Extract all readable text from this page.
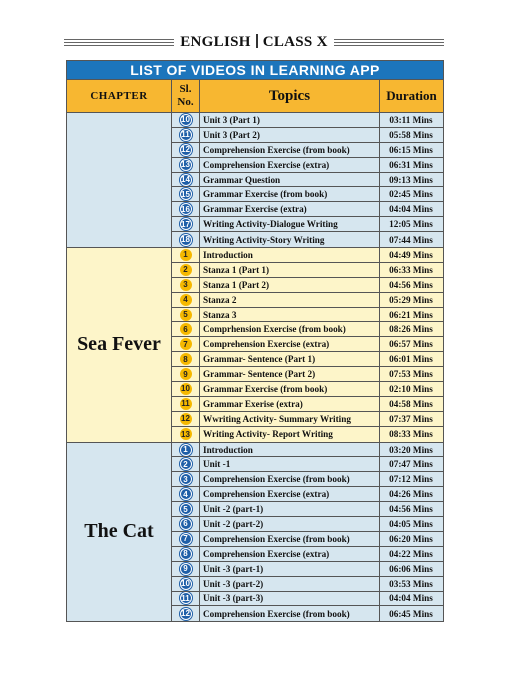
ENGLISH CLASS X
LIST OF VIDEOS IN LEARNING APP
CHAPTER
Sl.
No.	Topics	Duration
10	Unit 3 (Part 1)	03:11 Mins
11	Unit 3 (Part 2)	05:58 Mins
12	Comprehension Exercise (from book)	06:15 Mins
13	Comprehension Exercise (extra)	06:31 Mins
14	Grammar Question	09:13 Mins
15	Grammar Exercise (from book)	02:45 Mins
16	Grammar Exercise (extra)	04:04 Mins
17	Writing Activity-Dialogue Writing	12:05 Mins
18	Writing Activity-Story Writing	07:44 Mins
Sea Fever
1	Introduction	04:49 Mins
2	Stanza 1 (Part 1)	06:33 Mins
3	Stanza 1 (Part 2)	04:56 Mins
4	Stanza 2	05:29 Mins
5	Stanza 3	06:21 Mins
6	Comprhension Exercise (from book)	08:26 Mins
7	Comprehension Exercise (extra)	06:57 Mins
8	Grammar- Sentence (Part 1)	06:01 Mins
9	Grammar- Sentence (Part 2)	07:53 Mins
10	Grammar Exercise (from book)	02:10 Mins
11	Grammar Exerise (extra)	04:58 Mins
12	Wwriting Activity- Summary Writing	07:37 Mins
13	Writing Activity- Report Writing	08:33 Mins
The Cat
1	Introduction	03:20 Mins
2	Unit -1	07:47 Mins
3	Comprehension Exercise (from book)	07:12 Mins
4	Comprehension Exercise (extra)	04:26 Mins
5	Unit -2 (part-1)	04:56 Mins
6	Unit -2 (part-2)	04:05 Mins
7	Comprehension Exercise (from book)	06:20 Mins
8	Comprehension Exercise (extra)	04:22 Mins
9	Unit -3 (part-1)	06:06 Mins
10	Unit -3 (part-2)	03:53 Mins
11	Unit -3 (part-3)	04:04 Mins
12	Comprehension Exercise (from book)	06:45 Mins
